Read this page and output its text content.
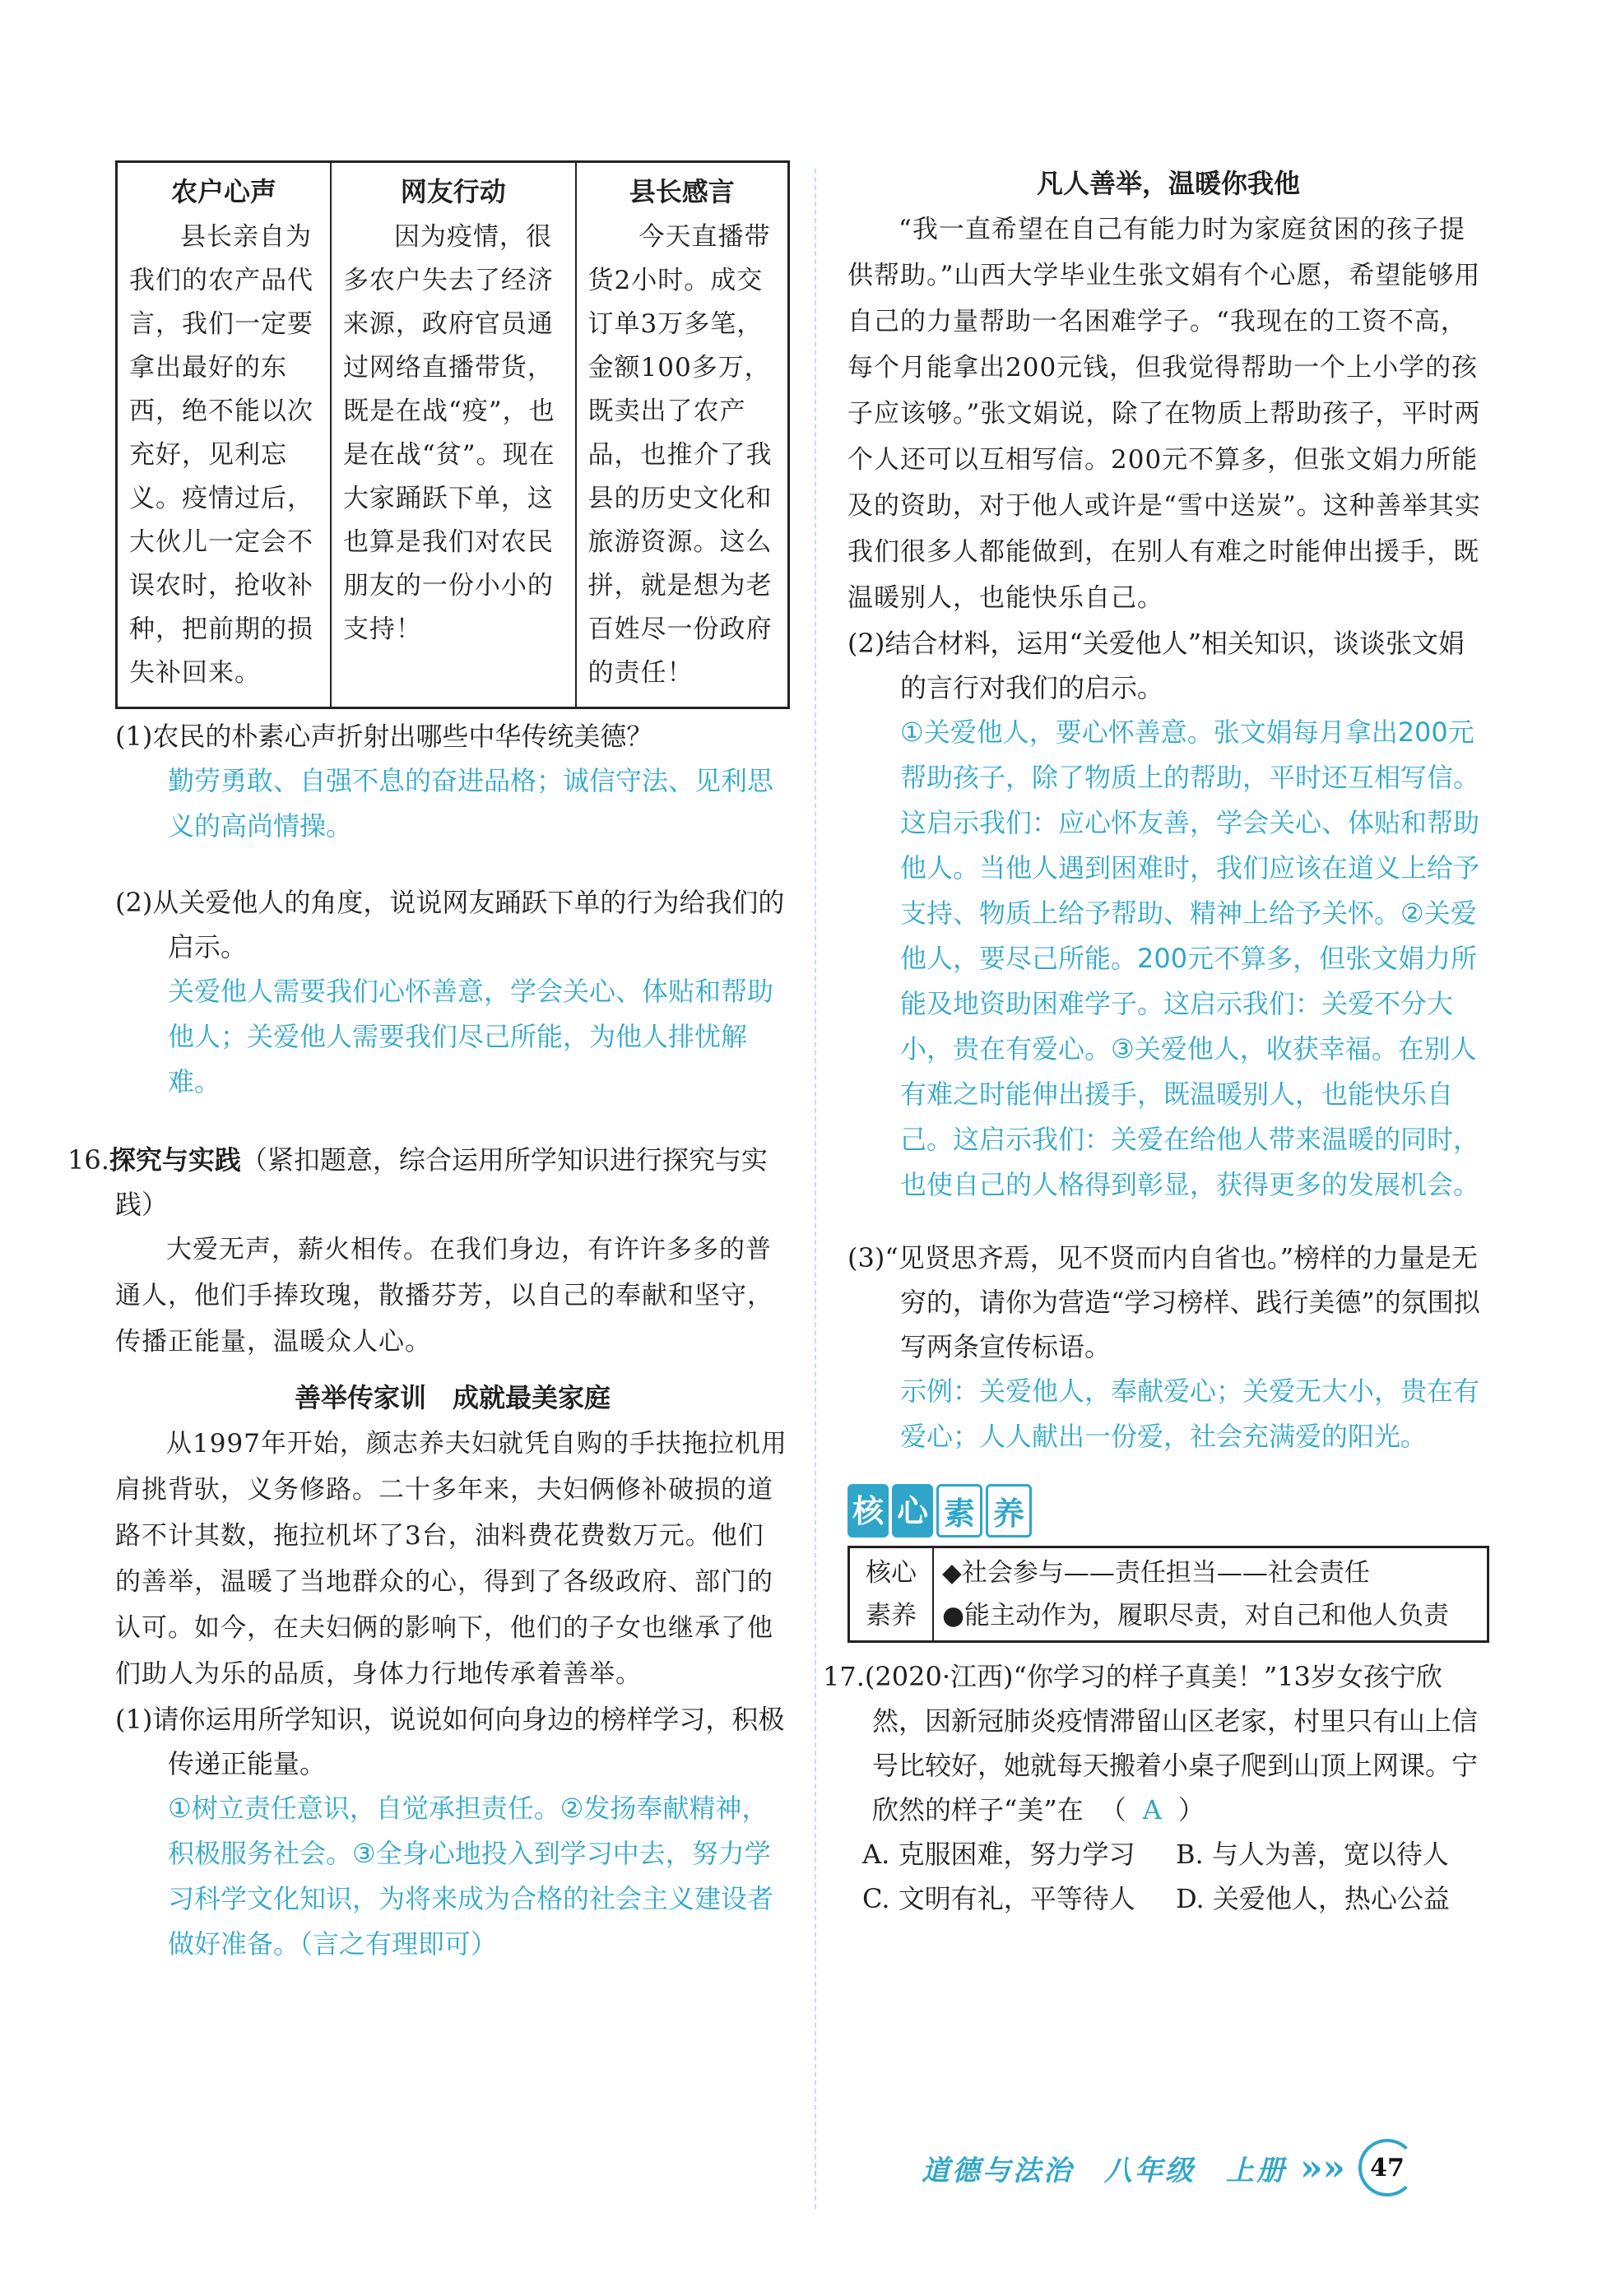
农户心声	网友行动	县长感言
县长亲自为我们的农产品代言，我们一定要拿出最好的东西，绝不能以次充好，见利忘义。疫情过后，大伙儿一定会不误农时，抢收补种，把前期的损失补回来。	因为疫情，很多农户失去了经济来源，政府官员通过网络直播带货，既是在战“疫”，也是在战“贫”。现在大家踊跃下单，这也算是我们对农民朋友的一份小小的支持！	今天直播带货2小时。成交订单3万多笔，金额100多万，既卖出了农产品，也推介了我县的历史文化和旅游资源。这么拼，就是想为老百姓尽一份政府的责任！

(1)农民的朴素心声折射出哪些中华传统美德？

勤劳勇敢、自强不息的奋进品格；诚信守法、见利思义的高尚情操。

(2)从关爱他人的角度，说说网友踊跃下单的行为给我们的启示。

关爱他人需要我们心怀善意，学会关心、体贴和帮助他人；关爱他人需要我们尽己所能，为他人排忧解难。

16.探究与实践（紧扣题意，综合运用所学知识进行探究与实践）

大爱无声，薪火相传。在我们身边，有许许多多的普通人，他们手捧玫瑰，散播芬芳，以自己的奉献和坚守，传播正能量，温暖众人心。

善举传家训　成就最美家庭

从1997年开始，颜志养夫妇就凭自购的手扶拖拉机用肩挑背驮，义务修路。二十多年来，夫妇俩修补破损的道路不计其数，拖拉机坏了3台，油料费花费数万元。他们的善举，温暖了当地群众的心，得到了各级政府、部门的认可。如今，在夫妇俩的影响下，他们的子女也继承了他们助人为乐的品质，身体力行地传承着善举。

(1)请你运用所学知识，说说如何向身边的榜样学习，积极传递正能量。

①树立责任意识，自觉承担责任。②发扬奉献精神，积极服务社会。③全身心地投入到学习中去，努力学习科学文化知识，为将来成为合格的社会主义建设者做好准备。（言之有理即可）

凡人善举，温暖你我他

“我一直希望在自己有能力时为家庭贫困的孩子提供帮助。”山西大学毕业生张文娟有个心愿，希望能够用自己的力量帮助一名困难学子。“我现在的工资不高，每个月能拿出200元钱，但我觉得帮助一个上小学的孩子应该够。”张文娟说，除了在物质上帮助孩子，平时两个人还可以互相写信。200元不算多，但张文娟力所能及的资助，对于他人或许是“雪中送炭”。这种善举其实我们很多人都能做到，在别人有难之时能伸出援手，既温暖别人，也能快乐自己。

(2)结合材料，运用“关爱他人”相关知识，谈谈张文娟的言行对我们的启示。

①关爱他人，要心怀善意。张文娟每月拿出200元帮助孩子，除了物质上的帮助，平时还互相写信。这启示我们：应心怀友善，学会关心、体贴和帮助他人。当他人遇到困难时，我们应该在道义上给予支持、物质上给予帮助、精神上给予关怀。②关爱他人，要尽己所能。200元不算多，但张文娟力所能及地资助困难学子。这启示我们：关爱不分大小，贵在有爱心。③关爱他人，收获幸福。在别人有难之时能伸出援手，既温暖别人，也能快乐自己。这启示我们：关爱在给他人带来温暖的同时，也使自己的人格得到彰显，获得更多的发展机会。

(3)“见贤思齐焉，见不贤而内自省也。”榜样的力量是无穷的，请你为营造“学习榜样、践行美德”的氛围拟写两条宣传标语。

示例：关爱他人，奉献爱心；关爱无大小，贵在有爱心；人人献出一份爱，社会充满爱的阳光。

核 心 素 养
核心素养	
◆社会参与——责任担当——社会责任
●能主动作为，履职尽责，对自己和他人负责

17.(2020·江西)“你学习的样子真美！”13岁女孩宁欣然，因新冠肺炎疫情滞留山区老家，村里只有山上信号比较好，她就每天搬着小桌子爬到山顶上网课。宁欣然的样子“美”在 （ A ）

A. 克服困难，努力学习	B. 与人为善，宽以待人
C. 文明有礼，平等待人	D. 关爱他人，热心公益
道德与法治　八年级　上册 »»	47
